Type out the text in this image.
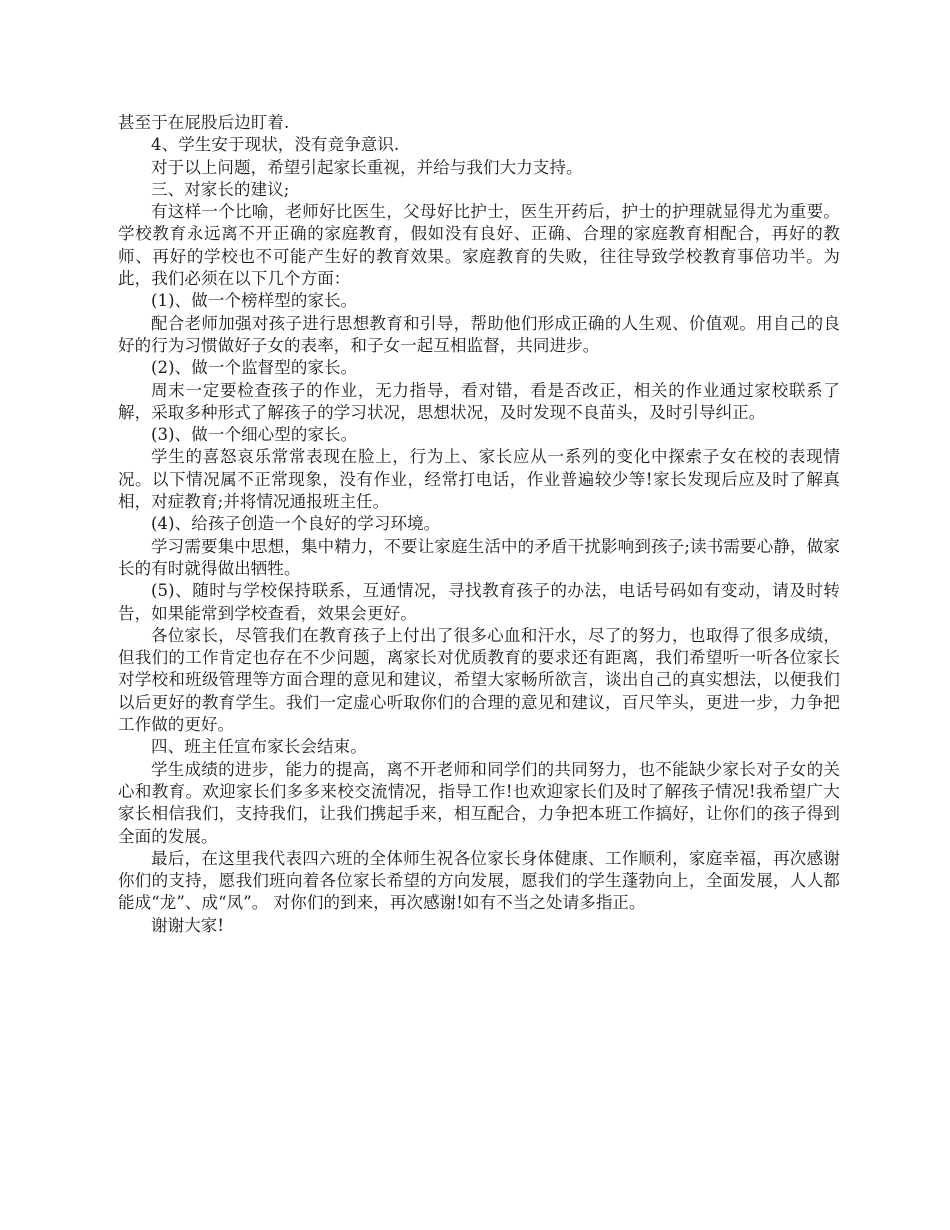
甚至于在屁股后边盯着.

4、学生安于现状，没有竞争意识.

对于以上问题，希望引起家长重视，并给与我们大力支持。

三、对家长的建议;

有这样一个比喻，老师好比医生，父母好比护士，医生开药后，护士的护理就显得尤为重要。学校教育永远离不开正确的家庭教育，假如没有良好、正确、合理的家庭教育相配合，再好的教师、再好的学校也不可能产生好的教育效果。家庭教育的失败，往往导致学校教育事倍功半。为此，我们必须在以下几个方面：

(1)、做一个榜样型的家长。

配合老师加强对孩子进行思想教育和引导，帮助他们形成正确的人生观、价值观。用自己的良好的行为习惯做好子女的表率，和子女一起互相监督，共同进步。

(2)、做一个监督型的家长。

周末一定要检查孩子的作业，无力指导，看对错，看是否改正，相关的作业通过家校联系了解，采取多种形式了解孩子的学习状况，思想状况，及时发现不良苗头，及时引导纠正。

(3)、做一个细心型的家长。

学生的喜怒哀乐常常表现在脸上，行为上、家长应从一系列的变化中探索子女在校的表现情况。以下情况属不正常现象，没有作业，经常打电话，作业普遍较少等!家长发现后应及时了解真相，对症教育;并将情况通报班主任。

(4)、给孩子创造一个良好的学习环境。

学习需要集中思想，集中精力，不要让家庭生活中的矛盾干扰影响到孩子;读书需要心静，做家长的有时就得做出牺牲。

(5)、随时与学校保持联系，互通情况，寻找教育孩子的办法，电话号码如有变动，请及时转告，如果能常到学校查看，效果会更好。

各位家长，尽管我们在教育孩子上付出了很多心血和汗水，尽了的努力，也取得了很多成绩，但我们的工作肯定也存在不少问题，离家长对优质教育的要求还有距离，我们希望听一听各位家长对学校和班级管理等方面合理的意见和建议，希望大家畅所欲言，谈出自己的真实想法，以便我们以后更好的教育学生。我们一定虚心听取你们的合理的意见和建议，百尺竿头，更进一步，力争把工作做的更好。

四、班主任宣布家长会结束。

学生成绩的进步，能力的提高，离不开老师和同学们的共同努力，也不能缺少家长对子女的关心和教育。欢迎家长们多多来校交流情况，指导工作!也欢迎家长们及时了解孩子情况!我希望广大家长相信我们，支持我们，让我们携起手来，相互配合，力争把本班工作搞好，让你们的孩子得到全面的发展。

最后，在这里我代表四六班的全体师生祝各位家长身体健康、工作顺利，家庭幸福，再次感谢你们的支持，愿我们班向着各位家长希望的方向发展，愿我们的学生蓬勃向上，全面发展，人人都能成“龙”、成“凤”。 对你们的到来，再次感谢!如有不当之处请多指正。

谢谢大家!
